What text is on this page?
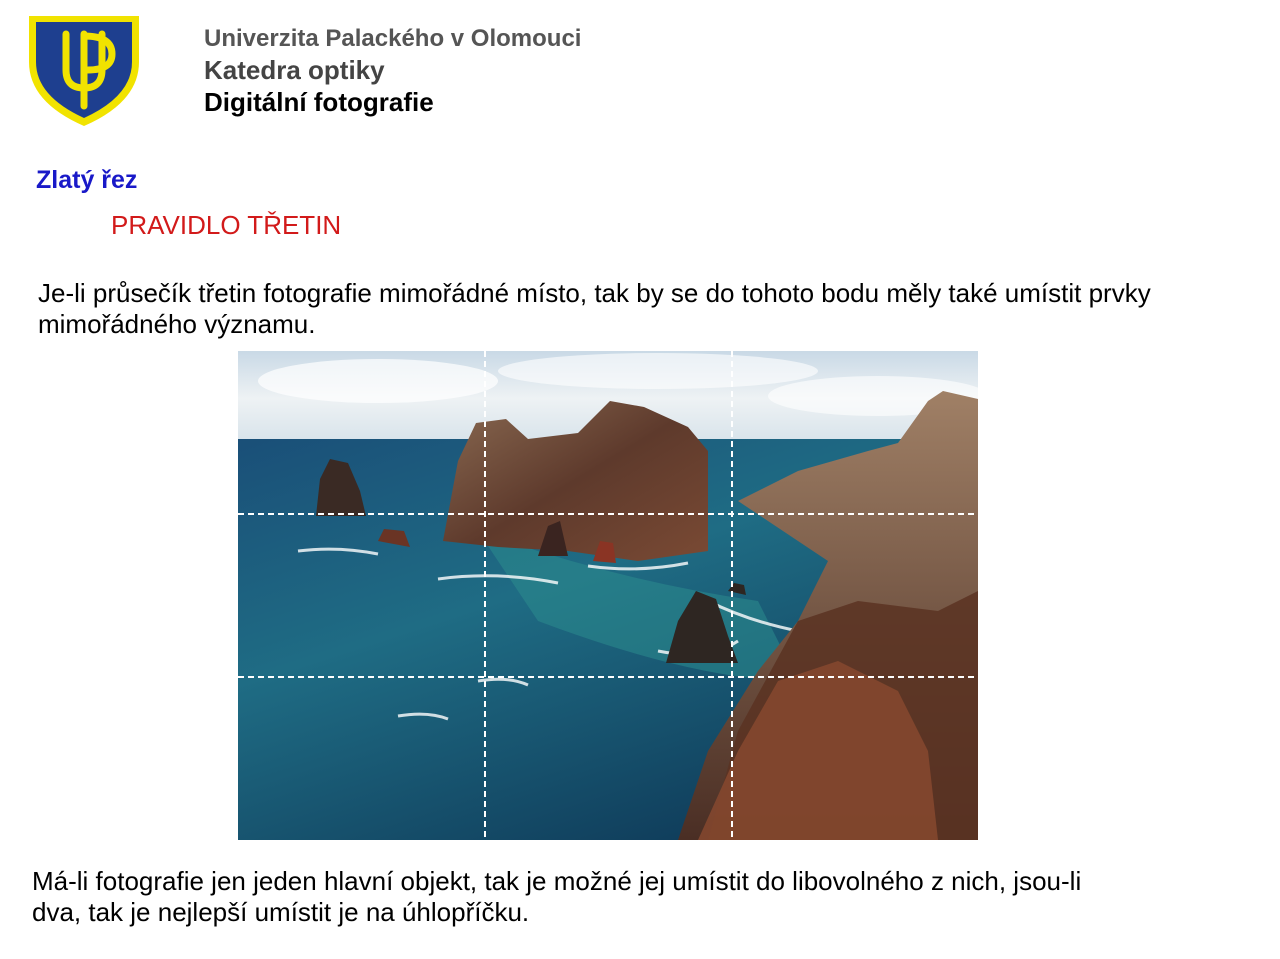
Univerzita Palackého v Olomouci
Katedra optiky
Digitální fotografie
Zlatý řez
PRAVIDLO TŘETIN
Je-li průsečík třetin fotografie mimořádné místo, tak by se do tohoto bodu měly také umístit prvky
mimořádného významu.
Má-li fotografie jen jeden hlavní objekt, tak je možné jej umístit do libovolného z nich, jsou-li
dva, tak je nejlepší umístit je na úhlopříčku.
